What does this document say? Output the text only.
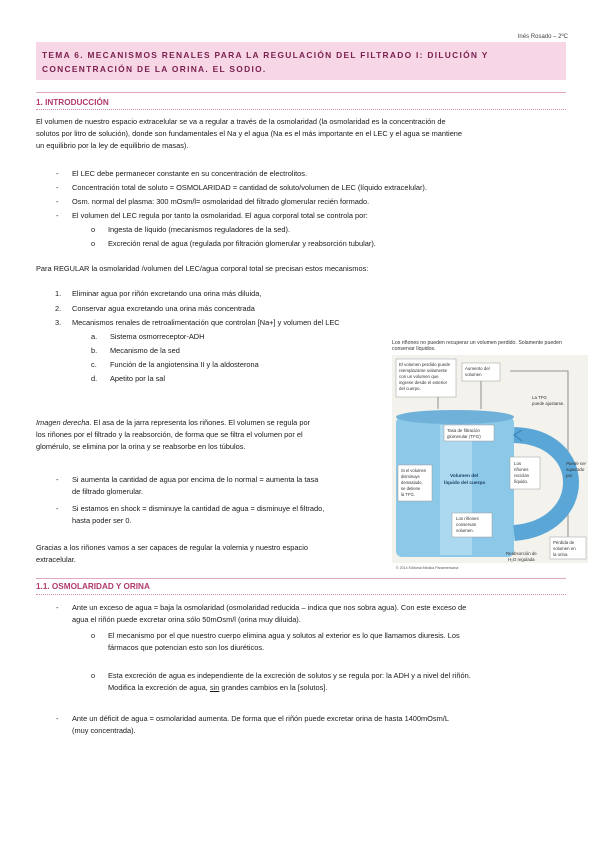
Inés Rosado – 2ºC
TEMA 6. MECANISMOS RENALES PARA LA REGULACIÓN DEL FILTRADO I: DILUCIÓN Y CONCENTRACIÓN DE LA ORINA. EL SODIO.
1. INTRODUCCIÓN
El volumen de nuestro espacio extracelular se va a regular a través de la osmolaridad (la osmolaridad es la concentración de
solutos por litro de solución), donde son fundamentales el Na y el agua (Na es el más importante en el LEC y el agua se mantiene
un equilibrio por la ley de equilibrio de masas).
- El LEC debe permanecer constante en su concentración de electrolitos.
- Concentración total de soluto = OSMOLARIDAD = cantidad de soluto/volumen de LEC (líquido extracelular).
- Osm. normal del plasma: 300 mOsm/l= osmolaridad del filtrado glomerular recién formado.
- El volumen del LEC regula por tanto la osmolaridad. El agua corporal total se controla por:
o Ingesta de líquido (mecanismos reguladores de la sed).
o Excreción renal de agua (regulada por filtración glomerular y reabsorción tubular).
Para REGULAR la osmolaridad /volumen del LEC/agua corporal total se precisan estos mecanismos:
1. Eliminar agua por riñón excretando una orina más diluida,
2. Conservar agua excretando una orina más concentrada
3. Mecanismos renales de retroalimentación que controlan [Na+] y volumen del LEC
a. Sistema osmorreceptor-ADH
b. Mecanismo de la sed
c. Función de la angiotensina II y la aldosterona
d. Apetito por la sal
Imagen derecha. El asa de la jarra representa los riñones. El volumen se regula por
los riñones por el filtrado y la reabsorción, de forma que se filtra el volumen por el
glomérulo, se elimina por la orina y se reabsorbe en los túbulos.
- Si aumenta la cantidad de agua por encima de lo normal = aumenta la tasa
de filtrado glomerular.
- Si estamos en shock = disminuye la cantidad de agua = disminuye el filtrado,
hasta poder ser 0.
Gracias a los riñones vamos a ser capaces de regular la volemia y nuestro espacio
extracelular.
Los riñones no pueden recuperar un volumen perdido. Solamente pueden
conservar líquidos.
El volumen perdido puede reemplazarse solamente con un volumen que ingrese desde el exterior del cuerpo.
Aumento del volumen
La TFG puede ajustarse.
Tasa de filtración glomerular (TFG)
Si el volumen disminuye demasiado, se detiene la TFG.
Volumen del líquido del cuerpo
Los riñones reciclan líquido.
Puede ser superado por
Los riñones conservan volumen.
Pérdida de volumen en la orina
Reabsorción de H₂O regulada
© 2014 Editorial Médica Panamericana
1.1. OSMOLARIDAD Y ORINA
- Ante un exceso de agua = baja la osmolaridad (osmolaridad reducida – indica que nos sobra agua). Con este exceso de
agua el riñón puede excretar orina sólo 50mOsm/l (orina muy diluida).
o El mecanismo por el que nuestro cuerpo elimina agua y solutos al exterior es lo que llamamos diuresis. Los
fármacos que potencian esto son los diuréticos.
o Esta excreción de agua es independiente de la excreción de solutos y se regula por: la ADH y a nivel del riñón.
Modifica la excreción de agua, sin grandes cambios en la [solutos].
- Ante un déficit de agua = osmolaridad aumenta. De forma que el riñón puede excretar orina de hasta 1400mOsm/L
(muy concentrada).
